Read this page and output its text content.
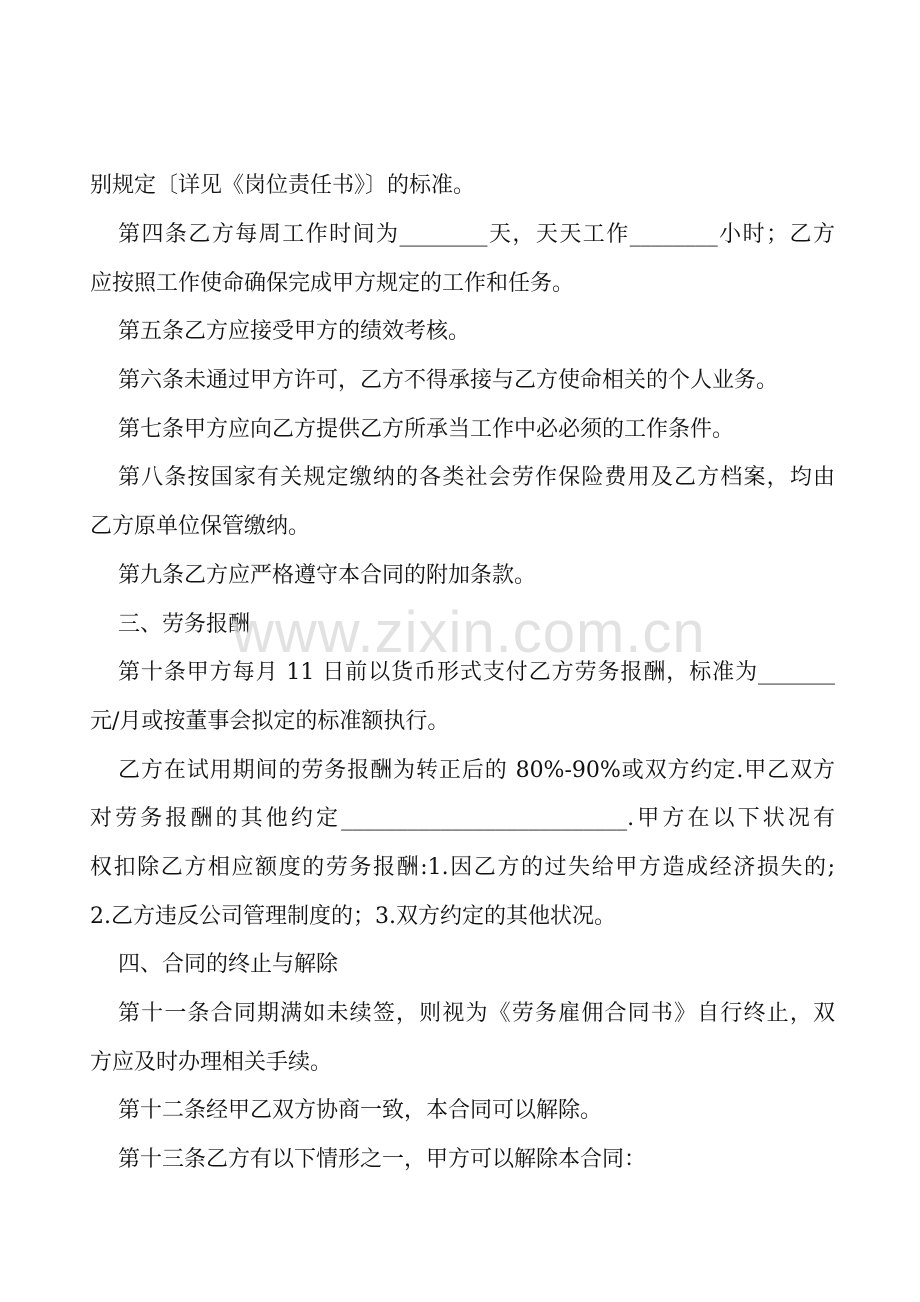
别规定〔详见《岗位责任书》〕的标准。
第四条乙方每周工作时间为________天，天天工作________小时；乙方
应按照工作使命确保完成甲方规定的工作和任务。
第五条乙方应接受甲方的绩效考核。
第六条未通过甲方许可，乙方不得承接与乙方使命相关的个人业务。
第七条甲方应向乙方提供乙方所承当工作中必必须的工作条件。
第八条按国家有关规定缴纳的各类社会劳作保险费用及乙方档案，均由
乙方原单位保管缴纳。
第九条乙方应严格遵守本合同的附加条款。
三、劳务报酬
第十条甲方每月 11 日前以货币形式支付乙方劳务报酬，标准为_______
元/月或按董事会拟定的标准额执行。
乙方在试用期间的劳务报酬为转正后的 80%-90%或双方约定.甲乙双方
对劳务报酬的其他约定__________________________.甲方在以下状况有
权扣除乙方相应额度的劳务报酬:1.因乙方的过失给甲方造成经济损失的;
2.乙方违反公司管理制度的；3.双方约定的其他状况。
四、合同的终止与解除
第十一条合同期满如未续签，则视为《劳务雇佣合同书》自行终止，双
方应及时办理相关手续。
第十二条经甲乙双方协商一致，本合同可以解除。
第十三条乙方有以下情形之一，甲方可以解除本合同：
www.zixin.com.cn
